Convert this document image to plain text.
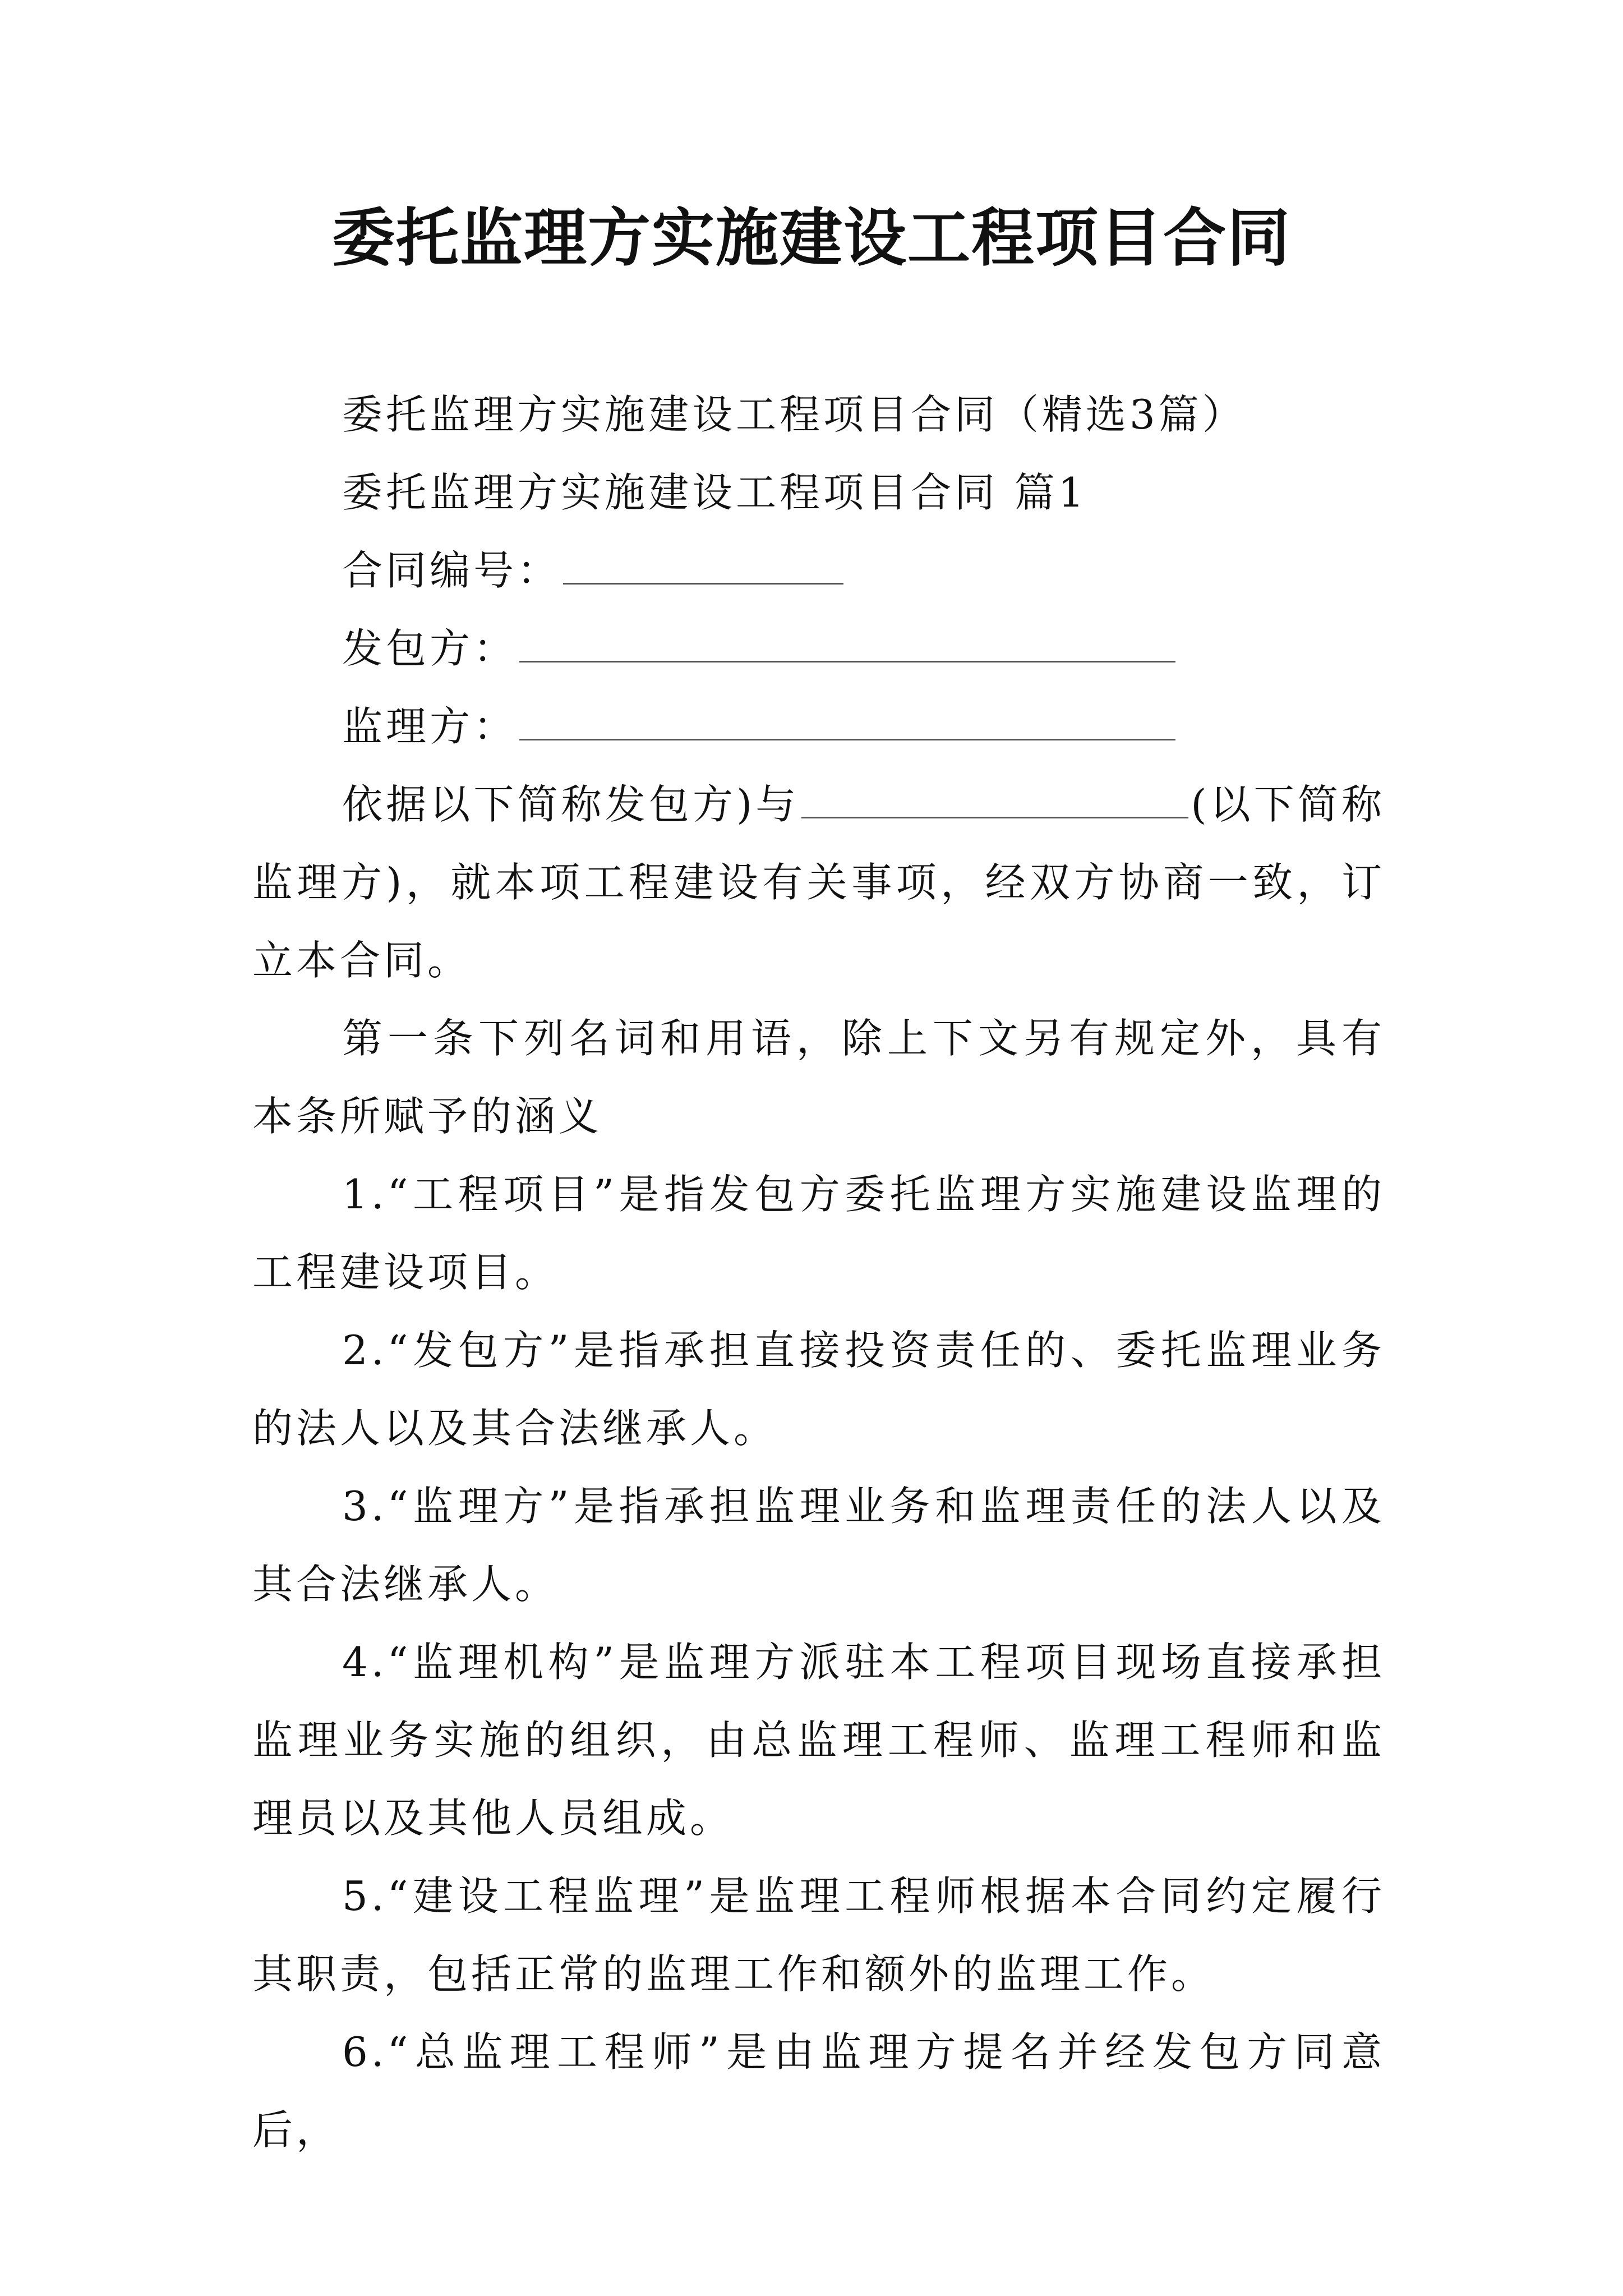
委托监理方实施建设工程项目合同

委托监理方实施建设工程项目合同（精选3篇）

委托监理方实施建设工程项目合同 篇1

合同编号：

发包方：

监理方：

依据以下简称发包方)与	(以下简称监理方)，就本项工程建设有关事项，经双方协商一致，订立本合同。

第一条下列名词和用语，除上下文另有规定外，具有本条所赋予的涵义

1.“工程项目”是指发包方委托监理方实施建设监理的工程建设项目。

2.“发包方”是指承担直接投资责任的、委托监理业务的法人以及其合法继承人。

3.“监理方”是指承担监理业务和监理责任的法人以及其合法继承人。

4.“监理机构”是监理方派驻本工程项目现场直接承担监理业务实施的组织，由总监理工程师、监理工程师和监理员以及其他人员组成。

5.“建设工程监理”是监理工程师根据本合同约定履行其职责，包括正常的监理工作和额外的监理工作。

6.“总监理工程师”是由监理方提名并经发包方同意后，
